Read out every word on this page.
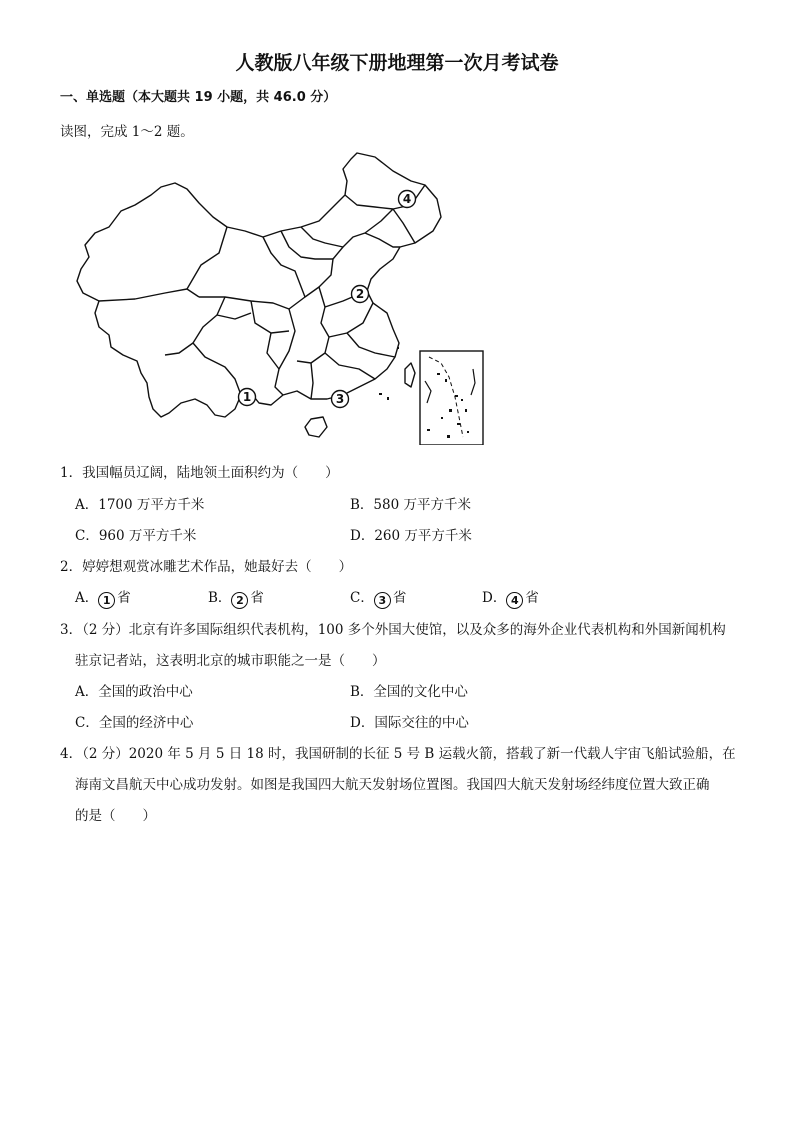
人教版八年级下册地理第一次月考试卷
一、单选题（本大题共 19 小题，共 46.0 分）
读图，完成 1～2 题。
1
2
3
4
1．我国幅员辽阔，陆地领土面积约为（　　）
A．1700 万平方千米	B．580 万平方千米
C．960 万平方千米	D．260 万平方千米
2．婷婷想观赏冰雕艺术作品，她最好去（　　）
A． 1 省	B． 2 省	C． 3 省	D． 4 省
3．（2 分）北京有许多国际组织代表机构，100 多个外国大使馆，以及众多的海外企业代表机构和外国新闻机构
驻京记者站，这表明北京的城市职能之一是（　　）
A．全国的政治中心	B．全国的文化中心
C．全国的经济中心	D．国际交往的中心
4．（2 分）2020 年 5 月 5 日 18 时，我国研制的长征 5 号 B 运载火箭，搭载了新一代载人宇宙飞船试验船，在
海南文昌航天中心成功发射。如图是我国四大航天发射场位置图。我国四大航天发射场经纬度位置大致正确
的是（　　）
